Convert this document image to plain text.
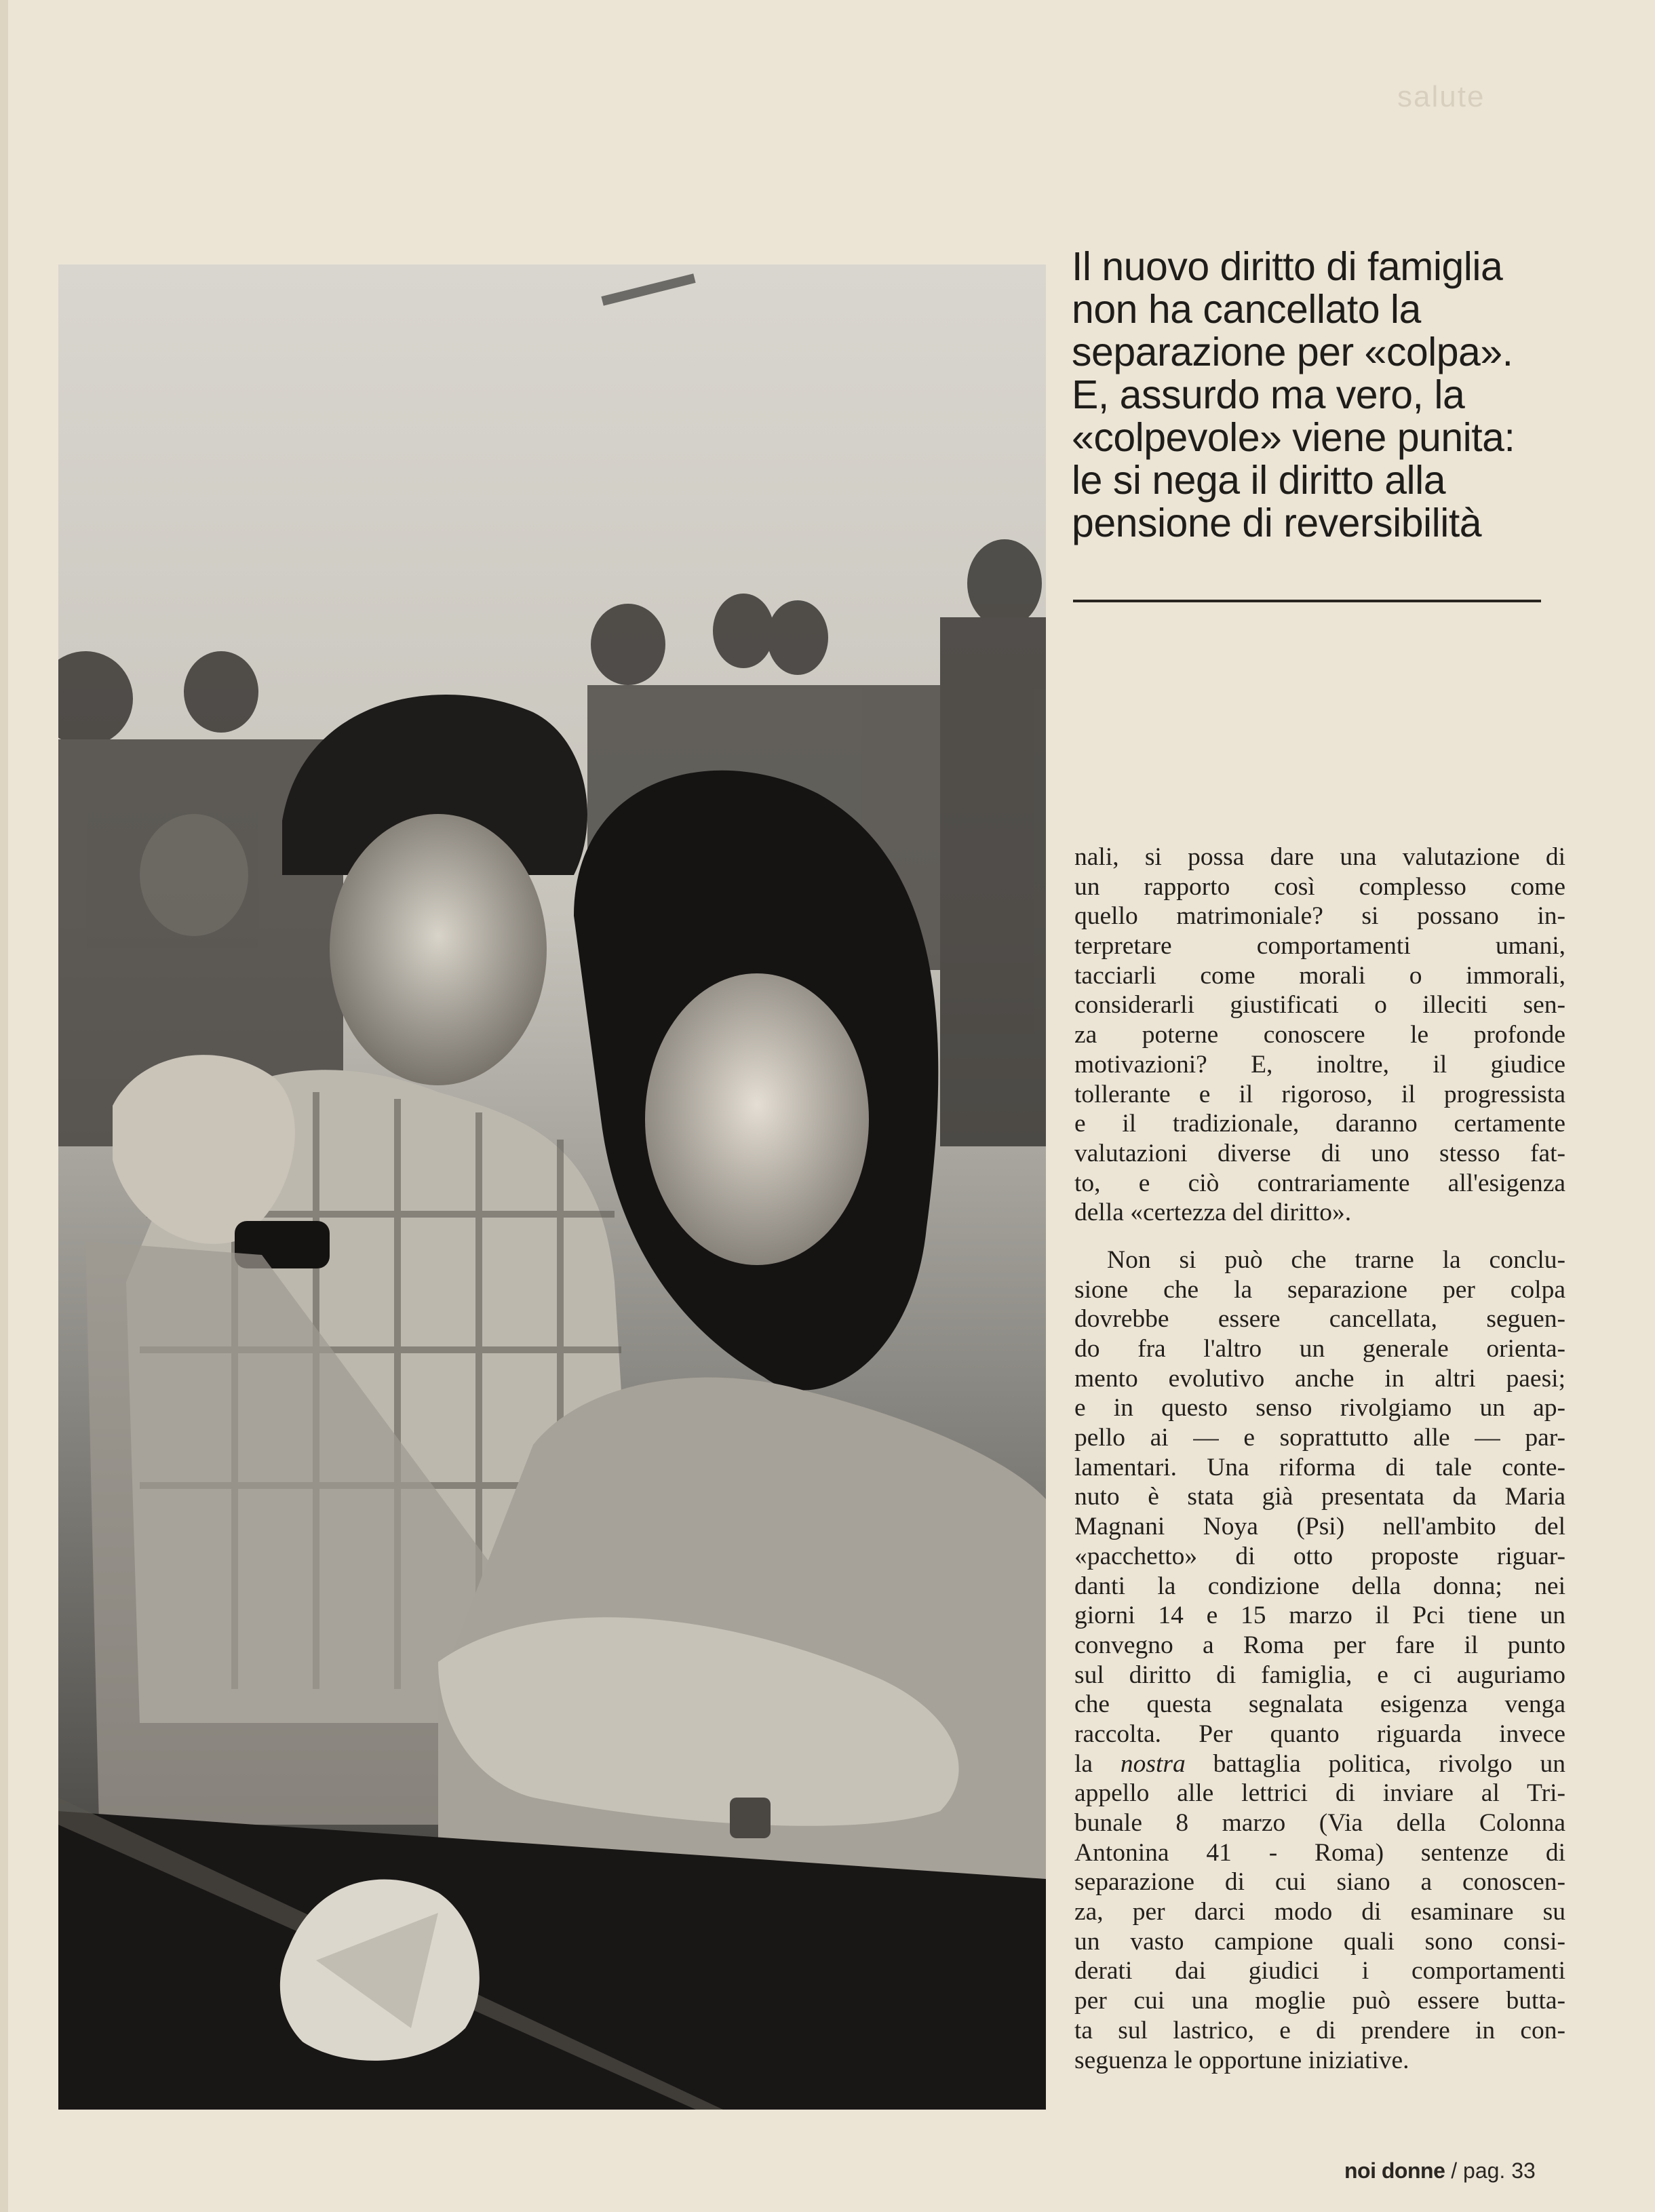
salute
Il nuovo diritto di famiglia
non ha cancellato la
separazione per «colpa».
E, assurdo ma vero, la
«colpevole» viene punita:
le si nega il diritto alla
pensione di reversibilità
nali, si possa dare una valutazione di
un rapporto così complesso come
quello matrimoniale? si possano in-
terpretare comportamenti umani,
tacciarli come morali o immorali,
considerarli giustificati o illeciti sen-
za poterne conoscere le profonde
motivazioni? E, inoltre, il giudice
tollerante e il rigoroso, il progressista
e il tradizionale, daranno certamente
valutazioni diverse di uno stesso fat-
to, e ciò contrariamente all'esigenza
della «certezza del diritto».
Non si può che trarne la conclu-
sione che la separazione per colpa
dovrebbe essere cancellata, seguen-
do fra l'altro un generale orienta-
mento evolutivo anche in altri paesi;
e in questo senso rivolgiamo un ap-
pello ai — e soprattutto alle — par-
lamentari. Una riforma di tale conte-
nuto è stata già presentata da Maria
Magnani Noya (Psi) nell'ambito del
«pacchetto» di otto proposte riguar-
danti la condizione della donna; nei
giorni 14 e 15 marzo il Pci tiene un
convegno a Roma per fare il punto
sul diritto di famiglia, e ci auguriamo
che questa segnalata esigenza venga
raccolta. Per quanto riguarda invece
la nostra battaglia politica, rivolgo un
appello alle lettrici di inviare al Tri-
bunale 8 marzo (Via della Colonna
Antonina 41 - Roma) sentenze di
separazione di cui siano a conoscen-
za, per darci modo di esaminare su
un vasto campione quali sono consi-
derati dai giudici i comportamenti
per cui una moglie può essere butta-
ta sul lastrico, e di prendere in con-
seguenza le opportune iniziative.
noi donne / pag. 33
